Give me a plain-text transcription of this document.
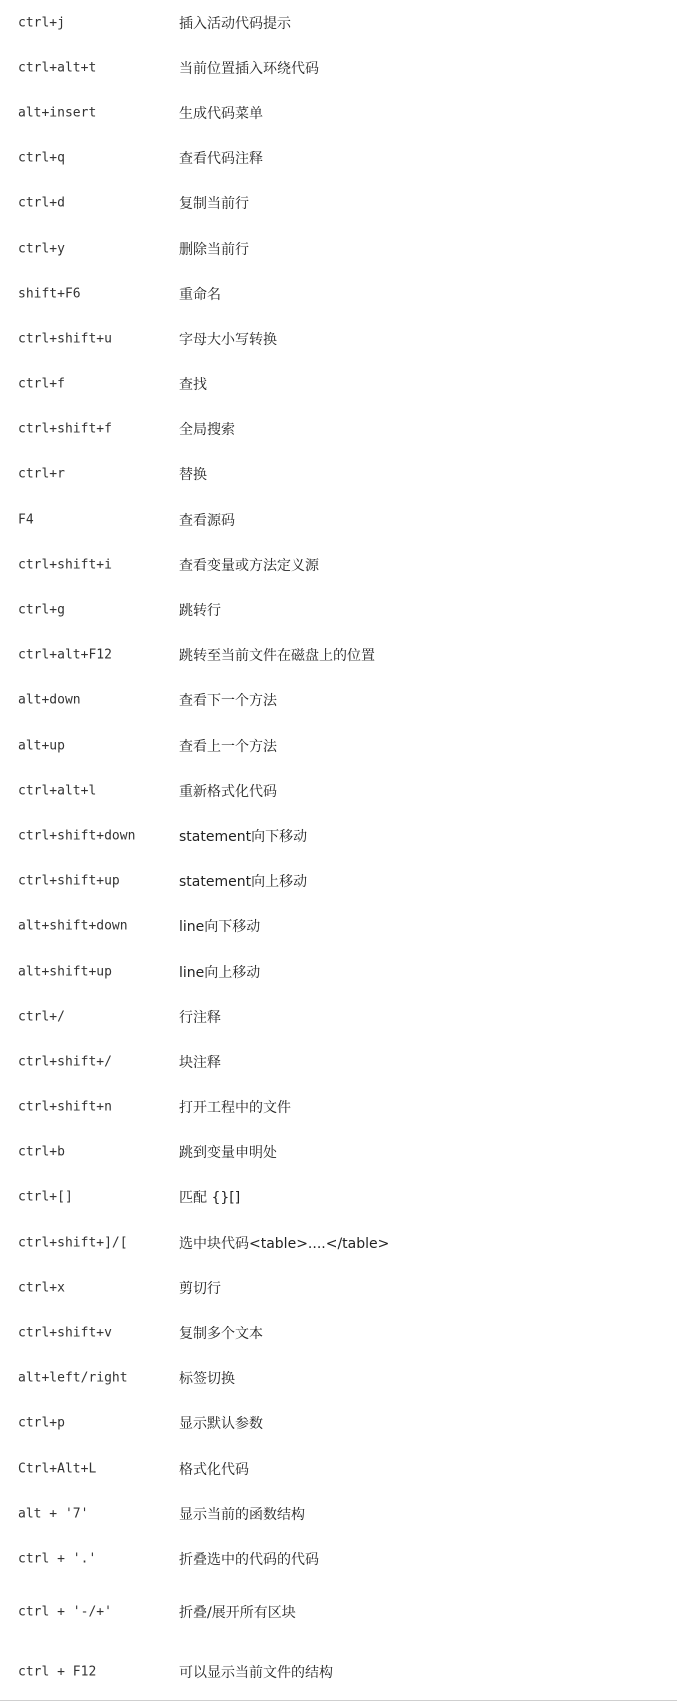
ctrl+j	插入活动代码提示
ctrl+alt+t	当前位置插入环绕代码
alt+insert	生成代码菜单
ctrl+q	查看代码注释
ctrl+d	复制当前行
ctrl+y	删除当前行
shift+F6	重命名
ctrl+shift+u	字母大小写转换
ctrl+f	查找
ctrl+shift+f	全局搜索
ctrl+r	替换
F4	查看源码
ctrl+shift+i	查看变量或方法定义源
ctrl+g	跳转行
ctrl+alt+F12	跳转至当前文件在磁盘上的位置
alt+down	查看下一个方法
alt+up	查看上一个方法
ctrl+alt+l	重新格式化代码
ctrl+shift+down	statement向下移动
ctrl+shift+up	statement向上移动
alt+shift+down	line向下移动
alt+shift+up	line向上移动
ctrl+/	行注释
ctrl+shift+/	块注释
ctrl+shift+n	打开工程中的文件
ctrl+b	跳到变量申明处
ctrl+[]	匹配 {}[]
ctrl+shift+]/[	选中块代码<table>....</table>
ctrl+x	剪切行
ctrl+shift+v	复制多个文本
alt+left/right	标签切换
ctrl+p	显示默认参数
Ctrl+Alt+L	格式化代码
alt + '7'	显示当前的函数结构
ctrl + '.'	折叠选中的代码的代码
ctrl + '-/+'	折叠/展开所有区块
ctrl + F12	可以显示当前文件的结构
